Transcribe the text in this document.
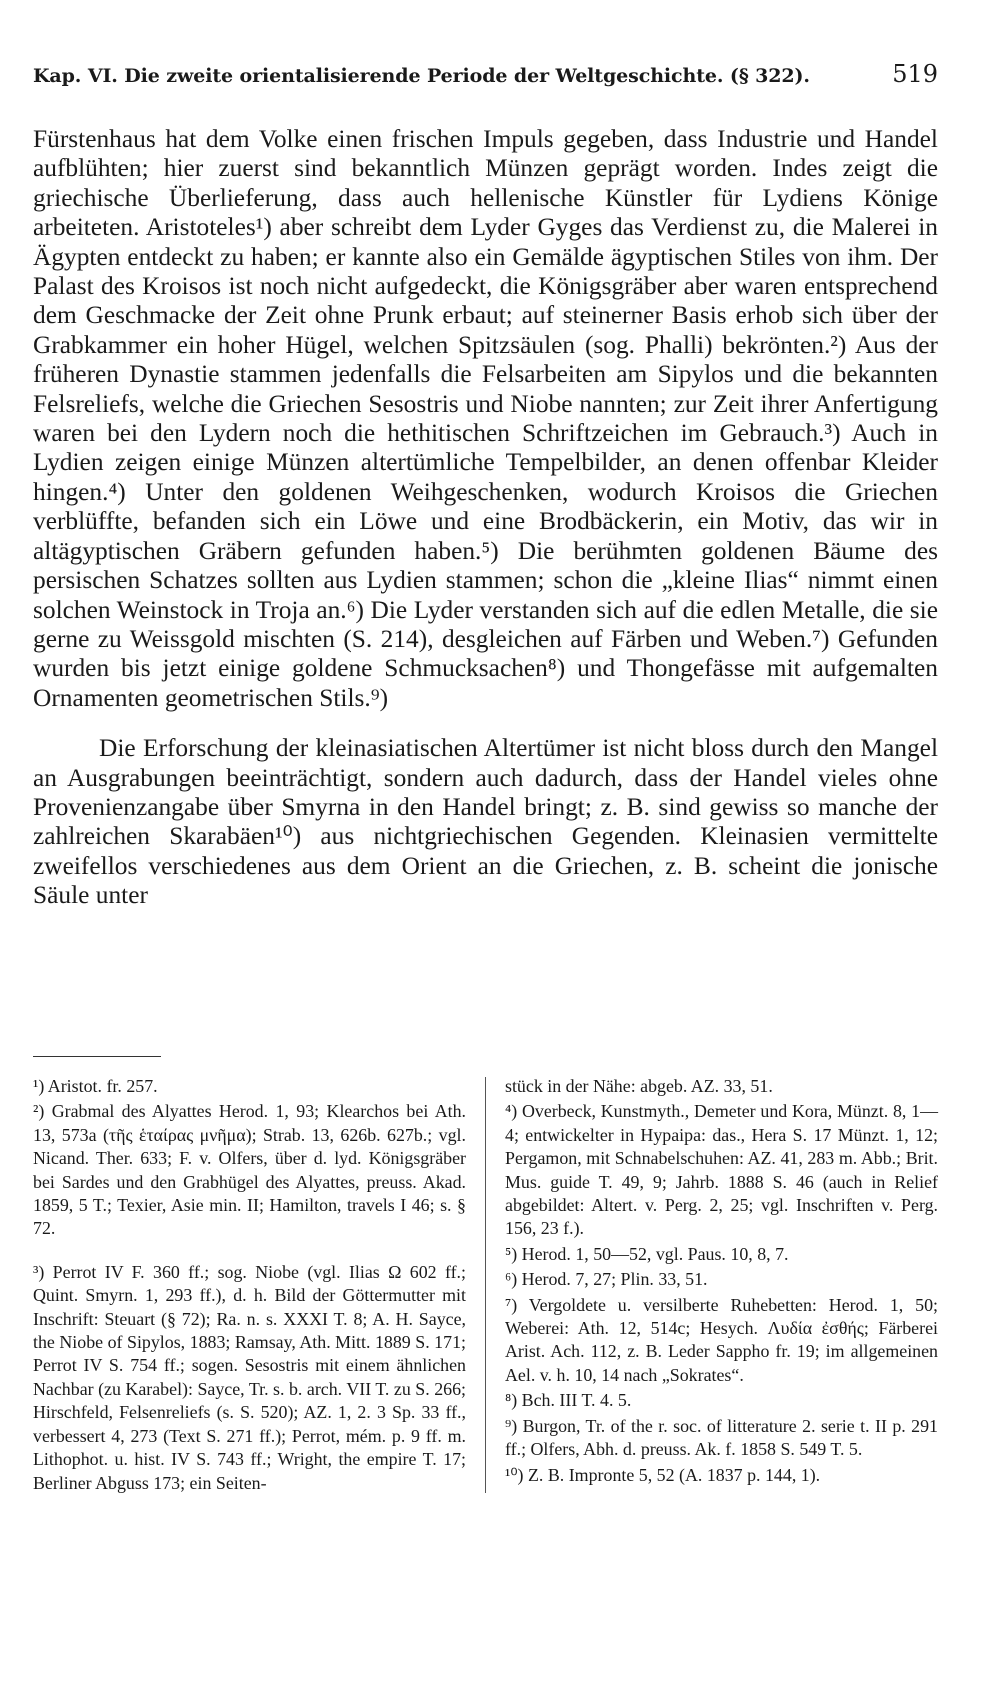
Kap. VI. Die zweite orientalisierende Periode der Weltgeschichte. (§ 322).	519

Fürstenhaus hat dem Volke einen frischen Impuls gegeben, dass Industrie und Handel aufblühten; hier zuerst sind bekanntlich Münzen geprägt worden. Indes zeigt die griechische Überlieferung, dass auch hellenische Künstler für Lydiens Könige arbeiteten. Aristoteles¹) aber schreibt dem Lyder Gyges das Verdienst zu, die Malerei in Ägypten entdeckt zu haben; er kannte also ein Gemälde ägyptischen Stiles von ihm. Der Palast des Kroisos ist noch nicht aufgedeckt, die Königsgräber aber waren entsprechend dem Geschmacke der Zeit ohne Prunk erbaut; auf steinerner Basis erhob sich über der Grabkammer ein hoher Hügel, welchen Spitzsäulen (sog. Phalli) bekrönten.²) Aus der früheren Dynastie stammen jedenfalls die Felsarbeiten am Sipylos und die bekannten Felsreliefs, welche die Griechen Sesostris und Niobe nannten; zur Zeit ihrer Anfertigung waren bei den Lydern noch die hethitischen Schriftzeichen im Gebrauch.³) Auch in Lydien zeigen einige Münzen altertümliche Tempelbilder, an denen offenbar Kleider hingen.⁴) Unter den goldenen Weihgeschenken, wodurch Kroisos die Griechen verblüffte, befanden sich ein Löwe und eine Brodbäckerin, ein Motiv, das wir in altägyptischen Gräbern gefunden haben.⁵) Die berühmten goldenen Bäume des persischen Schatzes sollten aus Lydien stammen; schon die „kleine Ilias“ nimmt einen solchen Weinstock in Troja an.⁶) Die Lyder verstanden sich auf die edlen Metalle, die sie gerne zu Weissgold mischten (S. 214), desgleichen auf Färben und Weben.⁷) Gefunden wurden bis jetzt einige goldene Schmucksachen⁸) und Thongefässe mit aufgemalten Ornamenten geometrischen Stils.⁹)

Die Erforschung der kleinasiatischen Altertümer ist nicht bloss durch den Mangel an Ausgrabungen beeinträchtigt, sondern auch dadurch, dass der Handel vieles ohne Provenienzangabe über Smyrna in den Handel bringt; z. B. sind gewiss so manche der zahlreichen Skarabäen¹⁰) aus nichtgriechischen Gegenden. Kleinasien vermittelte zweifellos verschiedenes aus dem Orient an die Griechen, z. B. scheint die jonische Säule unter

¹) Aristot. fr. 257.

²) Grabmal des Alyattes Herod. 1, 93; Klearchos bei Ath. 13, 573a (τῆς ἑταίρας μνῆμα); Strab. 13, 626b. 627b.; vgl. Nicand. Ther. 633; F. v. Olfers, über d. lyd. Königsgräber bei Sardes und den Grabhügel des Alyattes, preuss. Akad. 1859, 5 T.; Texier, Asie min. II; Hamilton, travels I 46; s. § 72.

³) Perrot IV F. 360 ff.; sog. Niobe (vgl. Ilias Ω 602 ff.; Quint. Smyrn. 1, 293 ff.), d. h. Bild der Göttermutter mit Inschrift: Steuart (§ 72); Ra. n. s. XXXI T. 8; A. H. Sayce, the Niobe of Sipylos, 1883; Ramsay, Ath. Mitt. 1889 S. 171; Perrot IV S. 754 ff.; sogen. Sesostris mit einem ähnlichen Nachbar (zu Karabel): Sayce, Tr. s. b. arch. VII T. zu S. 266; Hirschfeld, Felsenreliefs (s. S. 520); AZ. 1, 2. 3 Sp. 33 ff., verbessert 4, 273 (Text S. 271 ff.); Perrot, mém. p. 9 ff. m. Lithophot. u. hist. IV S. 743 ff.; Wright, the empire T. 17; Berliner Abguss 173; ein Seiten-

stück in der Nähe: abgeb. AZ. 33, 51.

⁴) Overbeck, Kunstmyth., Demeter und Kora, Münzt. 8, 1—4; entwickelter in Hypaipa: das., Hera S. 17 Münzt. 1, 12; Pergamon, mit Schnabelschuhen: AZ. 41, 283 m. Abb.; Brit. Mus. guide T. 49, 9; Jahrb. 1888 S. 46 (auch in Relief abgebildet: Altert. v. Perg. 2, 25; vgl. Inschriften v. Perg. 156, 23 f.).

⁵) Herod. 1, 50—52, vgl. Paus. 10, 8, 7.

⁶) Herod. 7, 27; Plin. 33, 51.

⁷) Vergoldete u. versilberte Ruhebetten: Herod. 1, 50; Weberei: Ath. 12, 514c; Hesych. Λυδία ἐσθής; Färberei Arist. Ach. 112, z. B. Leder Sappho fr. 19; im allgemeinen Ael. v. h. 10, 14 nach „Sokrates“.

⁸) Bch. III T. 4. 5.

⁹) Burgon, Tr. of the r. soc. of litterature 2. serie t. II p. 291 ff.; Olfers, Abh. d. preuss. Ak. f. 1858 S. 549 T. 5.

¹⁰) Z. B. Impronte 5, 52 (A. 1837 p. 144, 1).
